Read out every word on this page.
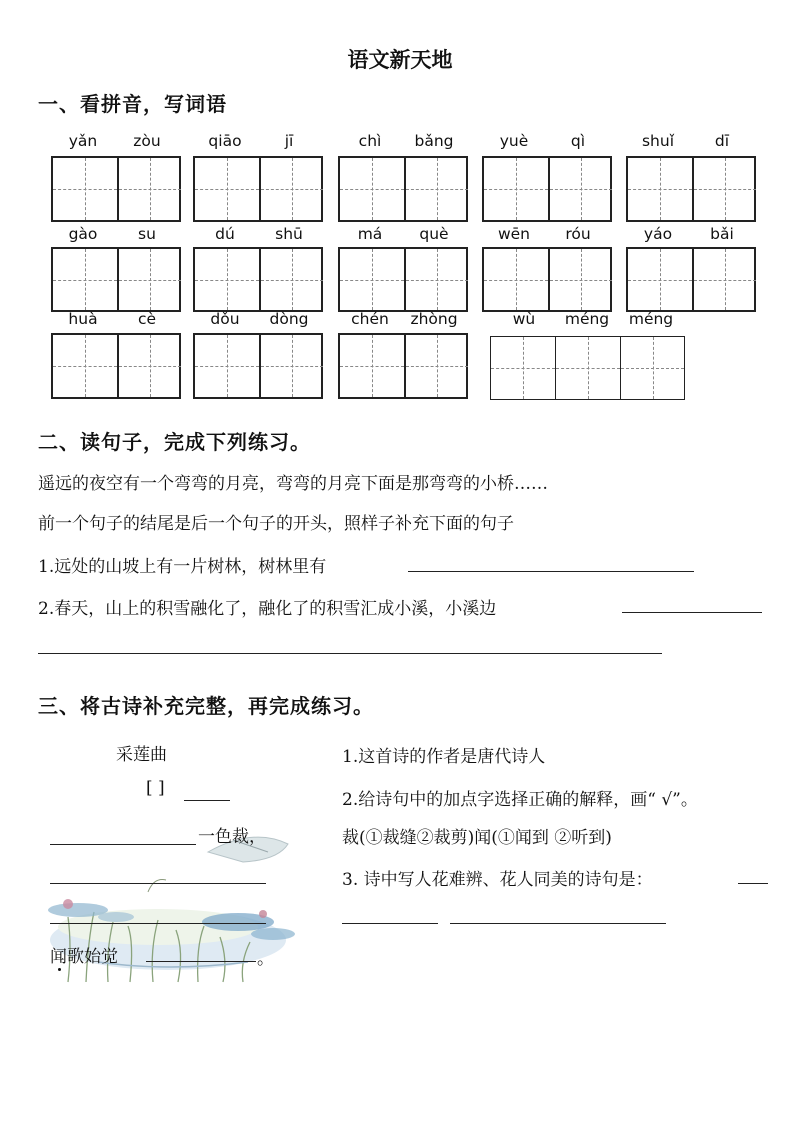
语文新天地
一、看拼音，写词语
yǎn	zòu	qiāo	jī	chì	bǎng	yuè	qì	shuǐ	dī
gào	su	dú	shū	má	què	wēn	róu	yáo	bǎi
huà	cè	dǒu	dòng	chén	zhòng	wù	méng	méng
二、读句子，完成下列练习。
遥远的夜空有一个弯弯的月亮，弯弯的月亮下面是那弯弯的小桥……
前一个句子的结尾是后一个句子的开头，照样子补充下面的句子
1.远处的山坡上有一片树林，树林里有
2.春天，山上的积雪融化了，融化了的积雪汇成小溪，小溪边
三、将古诗补充完整，再完成练习。
采莲曲
[ ]
一色裁，
闻歌始觉	。
1.这首诗的作者是唐代诗人
2.给诗句中的加点字选择正确的解释，画“ √”。
裁(①裁缝②裁剪)闻(①闻到 ②听到)
3. 诗中写人花难辨、花人同美的诗句是：
